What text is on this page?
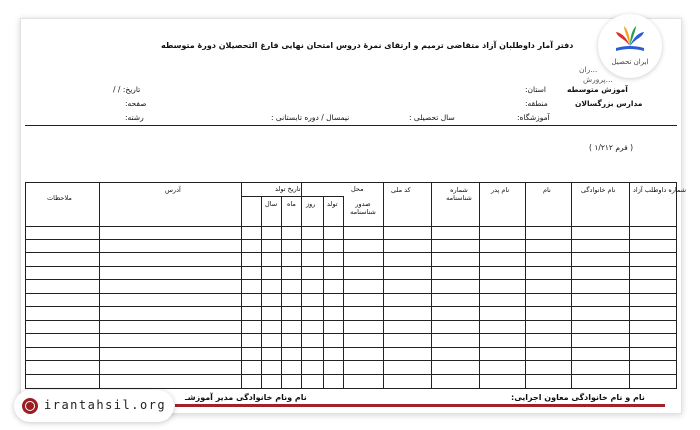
دفتر آمار داوطلبان آزاد متقاضی ترمیم و ارتقای نمرهٔ دروس امتحان نهایی فارغ التحصیلان دورهٔ متوسطه
...ران
...پرورش
آموزش متوسطه
استان:
مدارس بزرگسالان
منطقه:
آموزشگاه:
تاریخ: / /
صفحه:
رشته:	سال تحصیلی :
نیمسال / دوره تابستانی :
( فرم ۱/۲۱۲ )
شماره داوطلب آزاد
نام خانوادگی
نام
نام پدر
شماره شناسنامه
کد ملی
محل
تولد	صدور شناسنامه
تاریخ تولد
روز
ماه
سال
آدرس
ملاحظات
نام و نام خانوادگی معاون اجرایی:
نام ونام خانوادگی مدیر آموزشـ
ایران تحصیل
irantahsil.org
